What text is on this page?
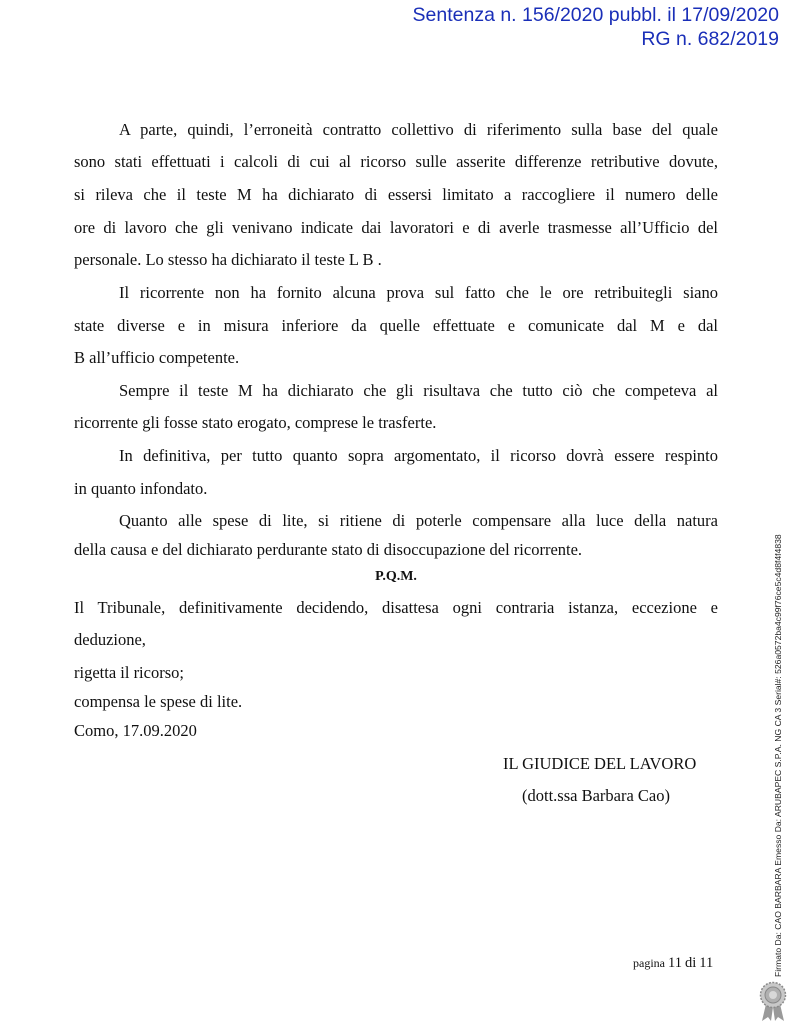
Sentenza n. 156/2020 pubbl. il 17/09/2020
RG n. 682/2019
A parte, quindi, l’erroneità contratto collettivo di riferimento sulla base del quale
sono stati effettuati i calcoli di cui al ricorso sulle asserite differenze retributive dovute,
si rileva che il teste M ha dichiarato di essersi limitato a raccogliere il numero delle
ore di lavoro che gli venivano indicate dai lavoratori e di averle trasmesse all’Ufficio del
personale. Lo stesso ha dichiarato il teste L B .
Il ricorrente non ha fornito alcuna prova sul fatto che le ore retribuitegli siano
state diverse e in misura inferiore da quelle effettuate e comunicate dal M e dal
B all’ufficio competente.
Sempre il teste M ha dichiarato che gli risultava che tutto ciò che competeva al
ricorrente gli fosse stato erogato, comprese le trasferte.
In definitiva, per tutto quanto sopra argomentato, il ricorso dovrà essere respinto
in quanto infondato.
Quanto alle spese di lite, si ritiene di poterle compensare alla luce della natura
della causa e del dichiarato perdurante stato di disoccupazione del ricorrente.
P.Q.M.
Il Tribunale, definitivamente decidendo, disattesa ogni contraria istanza, eccezione e
deduzione,
rigetta il ricorso;
compensa le spese di lite.
Como, 17.09.2020
IL GIUDICE DEL LAVORO
(dott.ssa Barbara Cao)
pagina 11 di 11	Firmato Da: CAO BARBARA Emesso Da: ARUBAPEC S.P.A. NG CA 3 Serial#: 526a0572ba4c99f76ce5c4d8f4f4838
